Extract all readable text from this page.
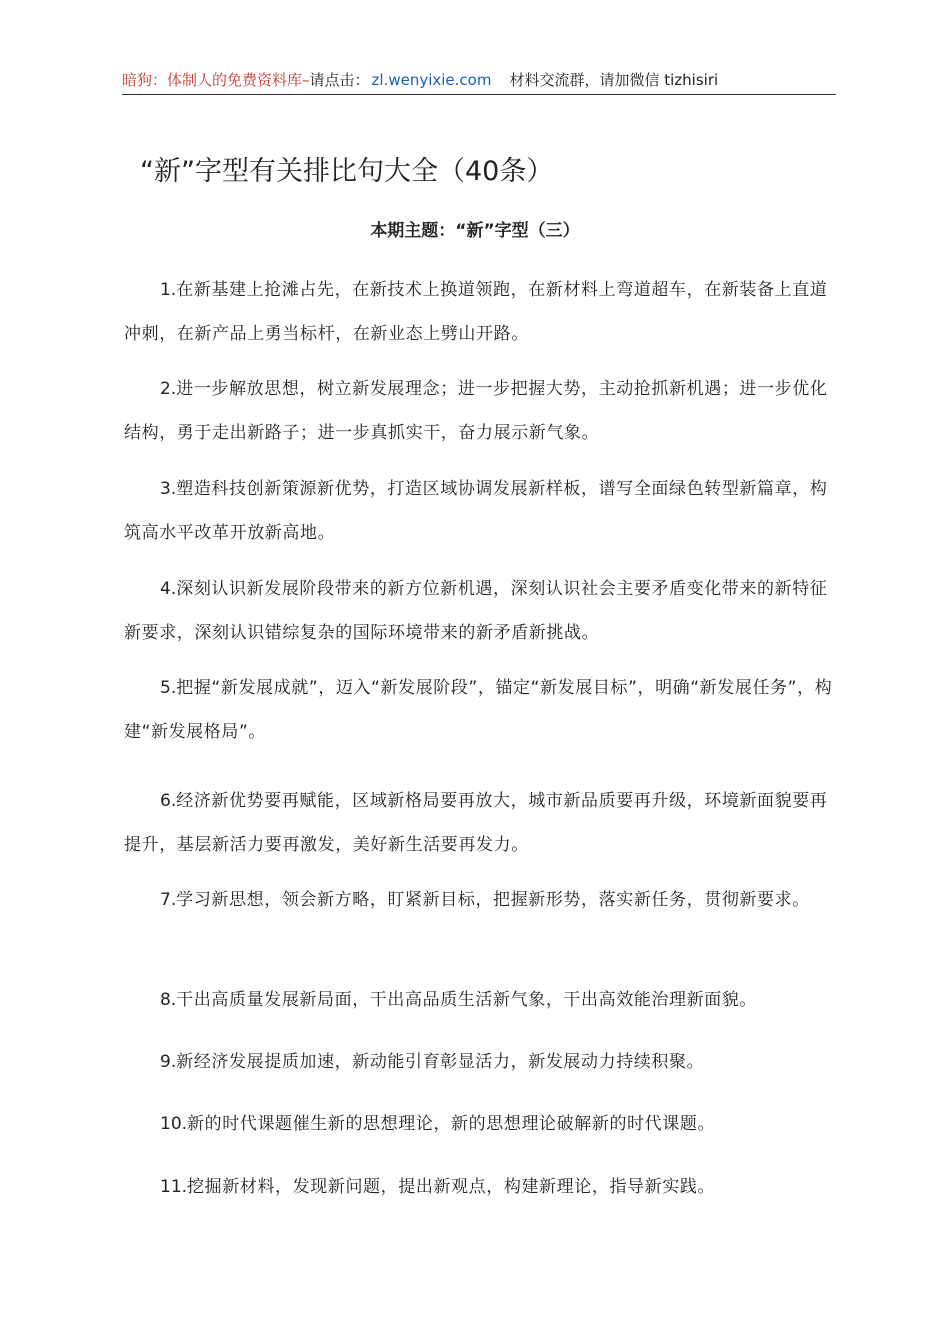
暗狗：体制人的免费资料库–请点击： zl.wenyixie.com 材料交流群，请加微信 tizhisiri
“新”字型有关排比句大全（40条）
本期主题：“新”字型（三）

1.在新基建上抢滩占先，在新技术上换道领跑，在新材料上弯道超车，在新装备上直道冲刺，在新产品上勇当标杆，在新业态上劈山开路。

2.进一步解放思想，树立新发展理念；进一步把握大势，主动抢抓新机遇；进一步优化结构，勇于走出新路子；进一步真抓实干，奋力展示新气象。

3.塑造科技创新策源新优势，打造区域协调发展新样板，谱写全面绿色转型新篇章，构筑高水平改革开放新高地。

4.深刻认识新发展阶段带来的新方位新机遇，深刻认识社会主要矛盾变化带来的新特征新要求，深刻认识错综复杂的国际环境带来的新矛盾新挑战。

5.把握“新发展成就”，迈入“新发展阶段”，锚定“新发展目标”，明确“新发展任务”，构建“新发展格局”。

6.经济新优势要再赋能，区域新格局要再放大，城市新品质要再升级，环境新面貌要再提升，基层新活力要再激发，美好新生活要再发力。

7.学习新思想，领会新方略，盯紧新目标，把握新形势，落实新任务，贯彻新要求。

8.干出高质量发展新局面，干出高品质生活新气象，干出高效能治理新面貌。

9.新经济发展提质加速，新动能引育彰显活力，新发展动力持续积聚。

10.新的时代课题催生新的思想理论，新的思想理论破解新的时代课题。

11.挖掘新材料，发现新问题，提出新观点，构建新理论，指导新实践。
